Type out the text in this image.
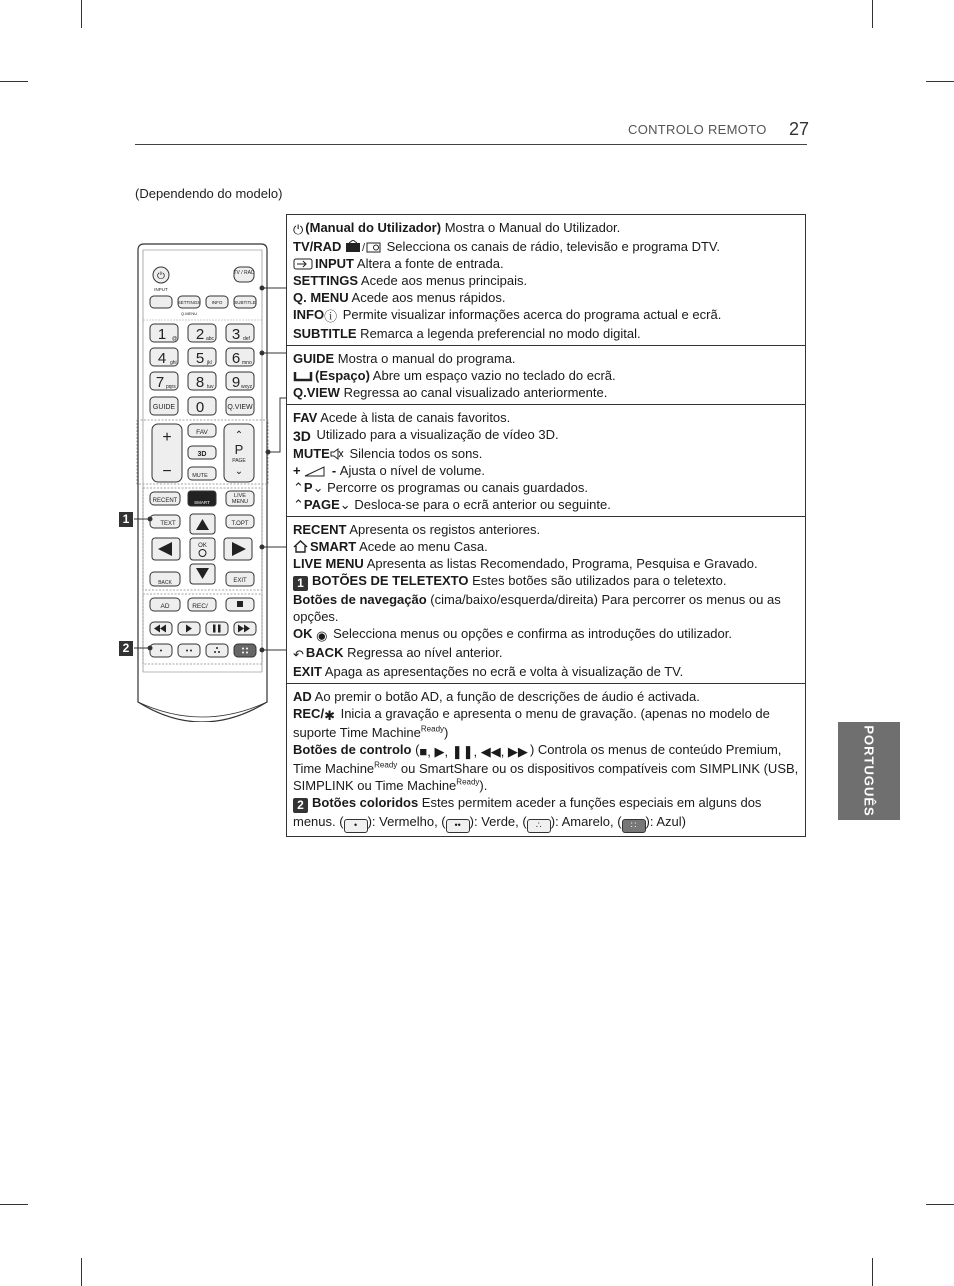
CONTROLO REMOTO 27
(Dependendo do modelo)
PORTUGUÊS
⏻	TV / RAD
INPUT
SETTINGS	INFO	SUBTITLE
Q.MENU
1 @ 2 abc 3 def
4 ghi 5 jkl 6 mno
7 pqrs 8 tuv 9 wxyz
GUIDE 0	Q.VIEW
+
−
FAV
3D
MUTE
⌃
P
PAGE
⌄
RECENT	SMART
LIVE
MENU
TEXT	T.OPT
OK
BACK	EXIT
AD	REC/
1
2
⏻ (Manual do Utilizador) Mostra o Manual do Utilizador.
TV/RAD / Selecciona os canais de rádio, televisão e programa DTV.
INPUT Altera a fonte de entrada.
SETTINGS Acede aos menus principais.
Q. MENU Acede aos menus rápidos.
INFOⓘ Permite visualizar informações acerca do programa actual e ecrã.
SUBTITLE Remarca a legenda preferencial no modo digital.
GUIDE Mostra o manual do programa.
(Espaço) Abre um espaço vazio no teclado do ecrã.
Q.VIEW Regressa ao canal visualizado anteriormente.
FAV Acede à lista de canais favoritos.
3D Utilizado para a visualização de vídeo 3D.
MUTE Silencia todos os sons.
+  - Ajusta o nível de volume.
⌃P⌄ Percorre os programas ou canais guardados.
⌃PAGE⌄ Desloca-se para o ecrã anterior ou seguinte.
RECENT Apresenta os registos anteriores.
SMART Acede ao menu Casa.
LIVE MENU Apresenta as listas Recomendado, Programa, Pesquisa e Gravado.
1 BOTÕES DE TELETEXTO Estes botões são utilizados para o teletexto.
Botões de navegação (cima/baixo/esquerda/direita) Para percorrer os menus ou as opções.
OK ◉ Selecciona menus ou opções e confirma as introduções do utilizador.
↶ BACK Regressa ao nível anterior.
EXIT Apaga as apresentações no ecrã e volta à visualização de TV.
AD Ao premir o botão AD, a função de descrições de áudio é activada.
REC/✱ Inicia a gravação e apresenta o menu de gravação. (apenas no modelo de suporte Time Machine$^{Ready}$)
Botões de controlo (■, ▶, ❚❚, ◀◀, ▶▶ ) Controla os menus de conteúdo Premium, Time Machine$^{Ready}$ ou SmartShare ou os dispositivos compatíveis com SIMPLINK (USB, SIMPLINK ou Time Machine$^{Ready}$).
2 Botões coloridos Estes permitem aceder a funções especiais em alguns dos menus. ( • ): Vermelho, ( •• ): Verde, ( ∴ ): Amarelo, ( ∷ ): Azul)
